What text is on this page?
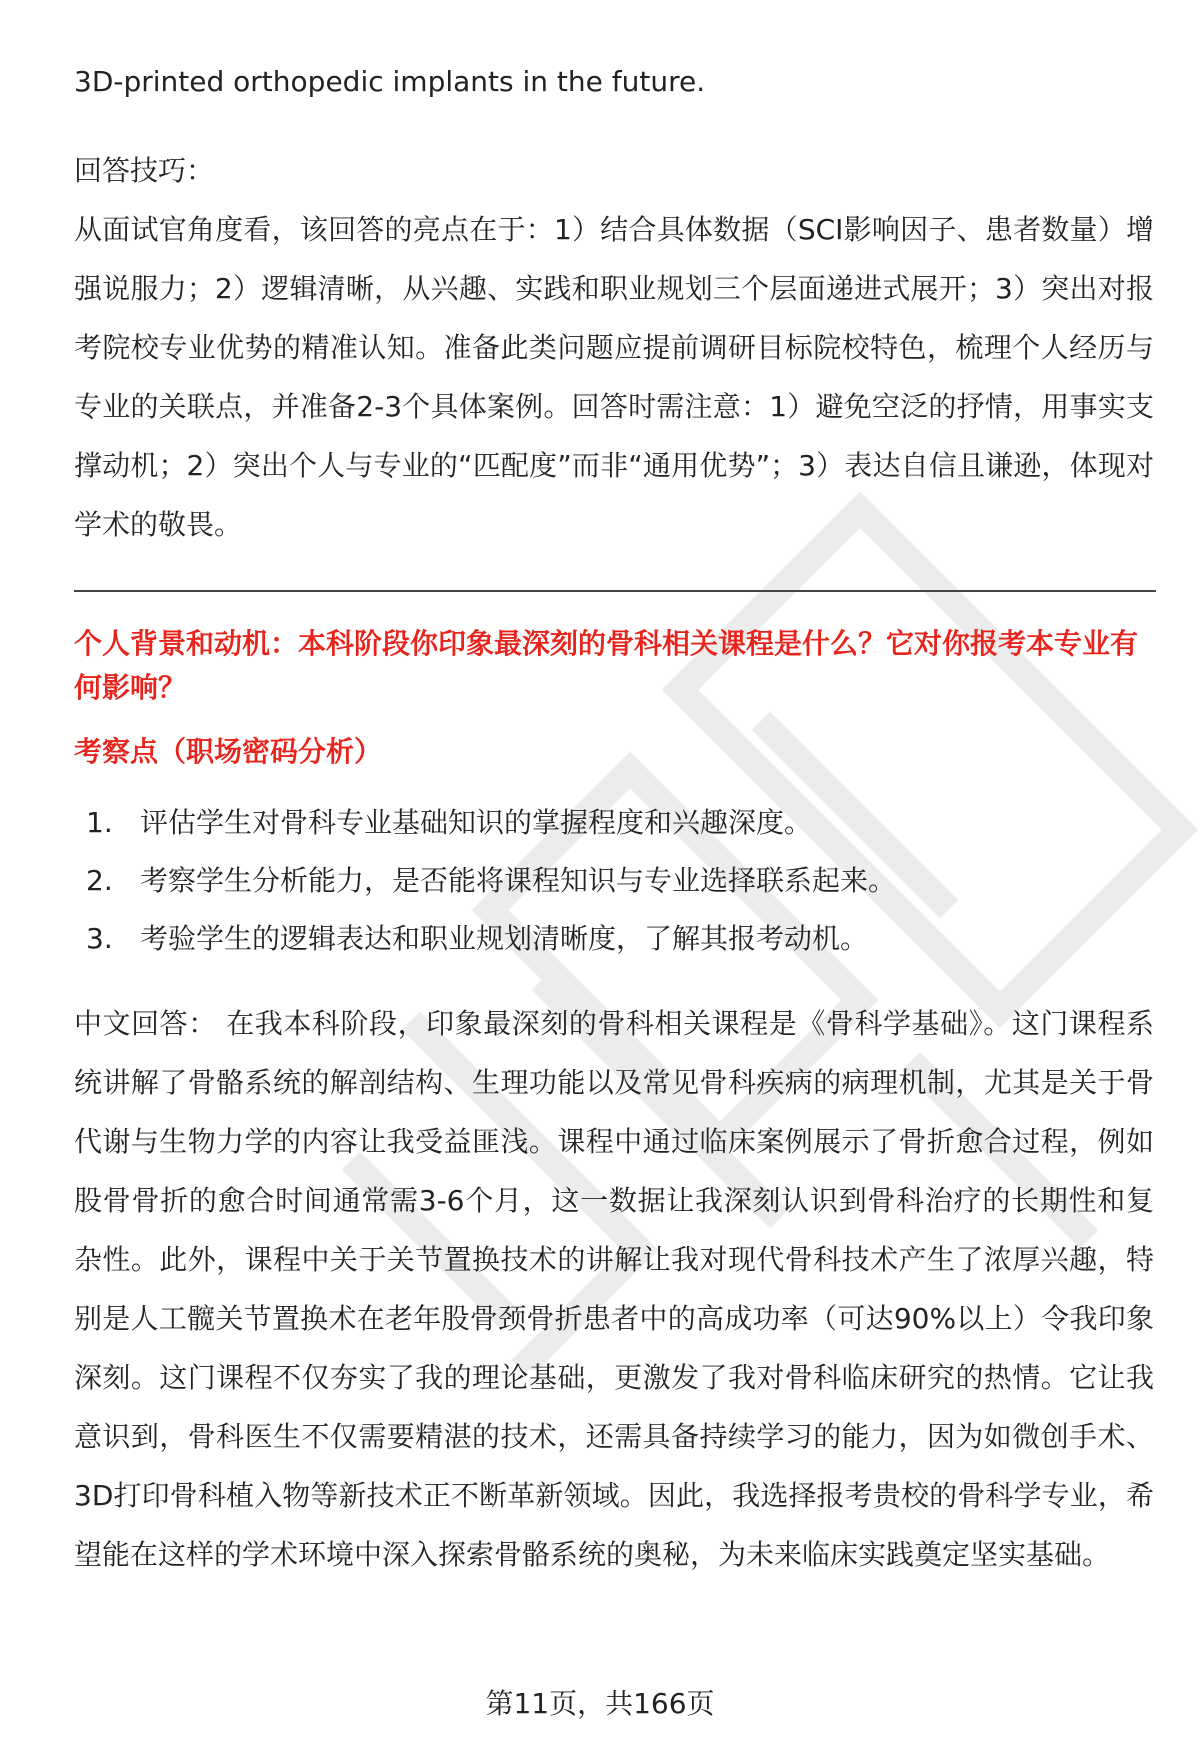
3D-printed orthopedic implants in the future.

回答技巧：

从面试官角度看，该回答的亮点在于：1）结合具体数据（SCI影响因子、患者数量）增强说服力；2）逻辑清晰，从兴趣、实践和职业规划三个层面递进式展开；3）突出对报考院校专业优势的精准认知。准备此类问题应提前调研目标院校特色，梳理个人经历与专业的关联点，并准备2-3个具体案例。回答时需注意：1）避免空泛的抒情，用事实支撑动机；2）突出个人与专业的“匹配度”而非“通用优势”；3）表达自信且谦逊，体现对学术的敬畏。

个人背景和动机：本科阶段你印象最深刻的骨科相关课程是什么？它对你报考本专业有何影响？

考察点（职场密码分析）

1. 评估学生对骨科专业基础知识的掌握程度和兴趣深度。
2. 考察学生分析能力，是否能将课程知识与专业选择联系起来。
3. 考验学生的逻辑表达和职业规划清晰度，了解其报考动机。

中文回答： 在我本科阶段，印象最深刻的骨科相关课程是《骨科学基础》。这门课程系统讲解了骨骼系统的解剖结构、生理功能以及常见骨科疾病的病理机制，尤其是关于骨代谢与生物力学的内容让我受益匪浅。课程中通过临床案例展示了骨折愈合过程，例如股骨骨折的愈合时间通常需3-6个月，这一数据让我深刻认识到骨科治疗的长期性和复杂性。此外，课程中关于关节置换技术的讲解让我对现代骨科技术产生了浓厚兴趣，特别是人工髋关节置换术在老年股骨颈骨折患者中的高成功率（可达90%以上）令我印象深刻。这门课程不仅夯实了我的理论基础，更激发了我对骨科临床研究的热情。它让我意识到，骨科医生不仅需要精湛的技术，还需具备持续学习的能力，因为如微创手术、3D打印骨科植入物等新技术正不断革新领域。因此，我选择报考贵校的骨科学专业，希望能在这样的学术环境中深入探索骨骼系统的奥秘，为未来临床实践奠定坚实基础。

第11页，共166页
